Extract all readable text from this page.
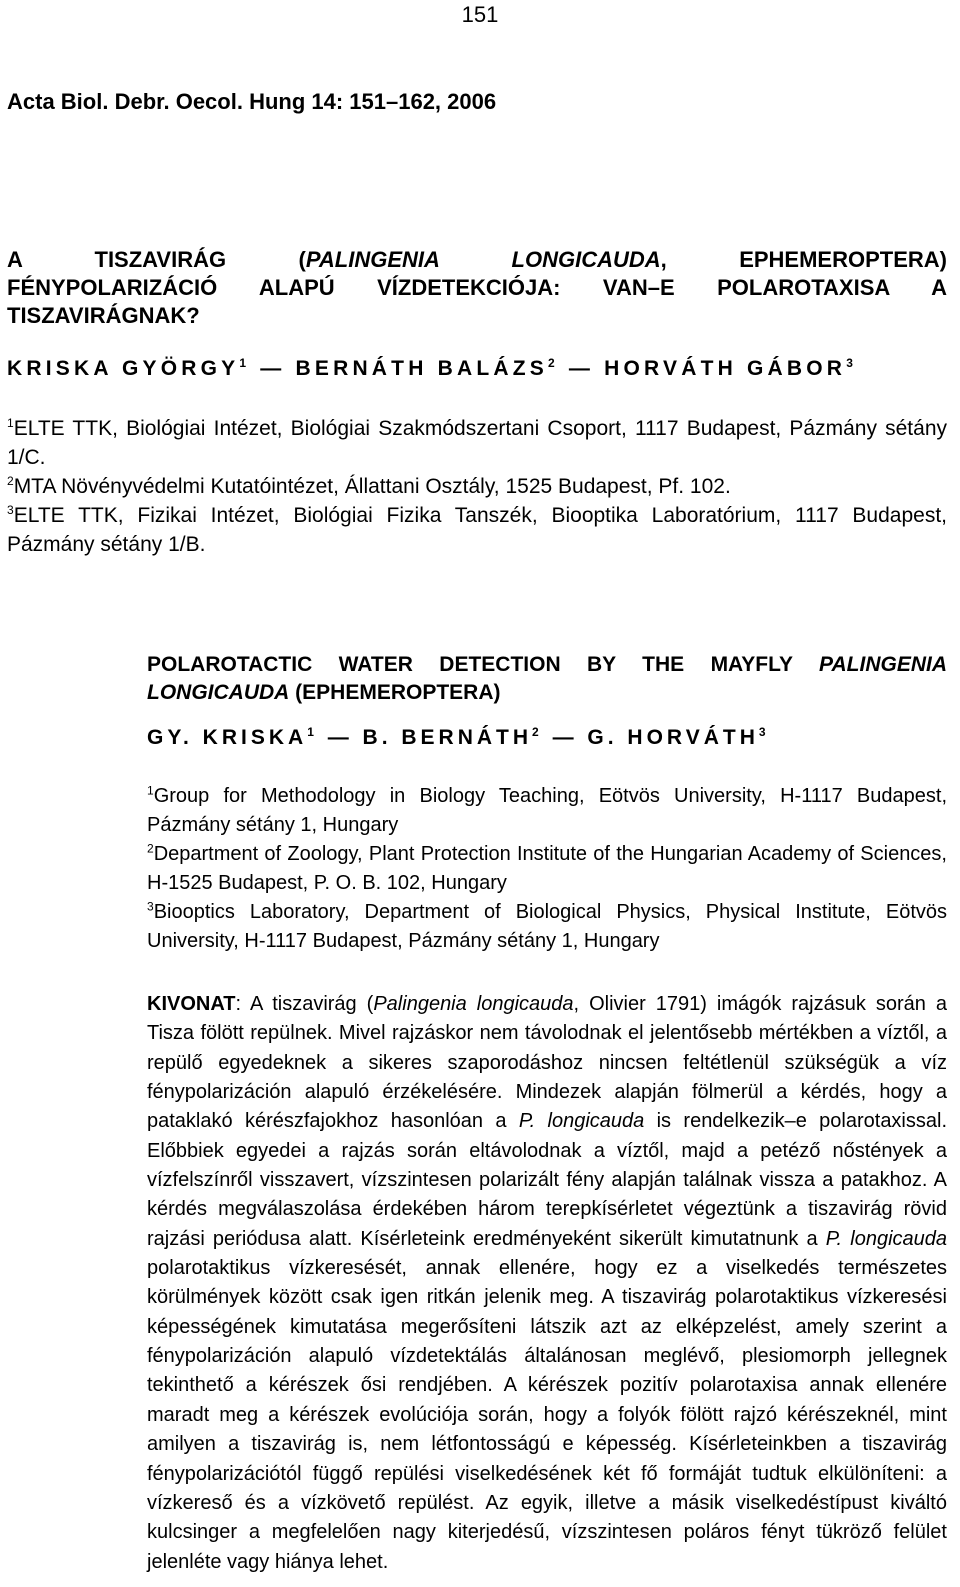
151
Acta Biol. Debr. Oecol. Hung 14: 151–162, 2006
A TISZAVIRÁG (PALINGENIA LONGICAUDA, EPHEMEROPTERA)
FÉNYPOLARIZÁCIÓ ALAPÚ VÍZDETEKCIÓJA: VAN–E POLAROTAXISA A
TISZAVIRÁGNAK?
KRISKA GYÖRGY$^1$ — BERNÁTH BALÁZS$^2$ — HORVÁTH GÁBOR$^3$

$^1$ELTE TTK, Biológiai Intézet, Biológiai Szakmódszertani Csoport, 1117 Budapest, Pázmány sétány 1/C.

$^2$MTA Növényvédelmi Kutatóintézet, Állattani Osztály, 1525 Budapest, Pf. 102.

$^3$ELTE TTK, Fizikai Intézet, Biológiai Fizika Tanszék, Biooptika Laboratórium, 1117 Budapest, Pázmány sétány 1/B.

POLAROTACTIC WATER DETECTION BY THE MAYFLY PALINGENIA
LONGICAUDA (EPHEMEROPTERA)
GY. KRISKA$^1$ — B. BERNÁTH$^2$ — G. HORVÁTH$^3$

$^1$Group for Methodology in Biology Teaching, Eötvös University, H-1117 Budapest, Pázmány sétány 1, Hungary

$^2$Department of Zoology, Plant Protection Institute of the Hungarian Academy of Sciences, H-1525 Budapest, P. O. B. 102, Hungary

$^3$Biooptics Laboratory, Department of Biological Physics, Physical Institute, Eötvös University, H-1117 Budapest, Pázmány sétány 1, Hungary

KIVONAT: A tiszavirág (Palingenia longicauda, Olivier 1791) imágók rajzásuk során a Tisza fölött repülnek. Mivel rajzáskor nem távolodnak el jelentősebb mértékben a víztől, a repülő egyedeknek a sikeres szaporodáshoz nincsen feltétlenül szükségük a víz fénypolarizáción alapuló érzékelésére. Mindezek alapján fölmerül a kérdés, hogy a pataklakó kérészfajokhoz hasonlóan a P. longicauda is rendelkezik–e polarotaxissal. Előbbiek egyedei a rajzás során eltávolodnak a víztől, majd a petéző nőstények a vízfelszínről visszavert, vízszintesen polarizált fény alapján találnak vissza a patakhoz. A kérdés megválaszolása érdekében három terepkísérletet végeztünk a tiszavirág rövid rajzási periódusa alatt. Kísérleteink eredményeként sikerült kimutatnunk a P. longicauda polarotaktikus vízkeresését, annak ellenére, hogy ez a viselkedés természetes körülmények között csak igen ritkán jelenik meg. A tiszavirág polarotaktikus vízkeresési képességének kimutatása megerősíteni látszik azt az elképzelést, amely szerint a fénypolarizáción alapuló vízdetektálás általánosan meglévő, plesiomorph jellegnek tekinthető a kérészek ősi rendjében. A kérészek pozitív polarotaxisa annak ellenére maradt meg a kérészek evolúciója során, hogy a folyók fölött rajzó kérészeknél, mint amilyen a tiszavirág is, nem létfontosságú e képesség. Kísérleteinkben a tiszavirág fénypolarizációtól függő repülési viselkedésének két fő formáját tudtuk elkülöníteni: a vízkereső és a vízkövető repülést. Az egyik, illetve a másik viselkedéstípust kiváltó kulcsinger a megfelelően nagy kiterjedésű, vízszintesen poláros fényt tükröző felület jelenléte vagy hiánya lehet.
